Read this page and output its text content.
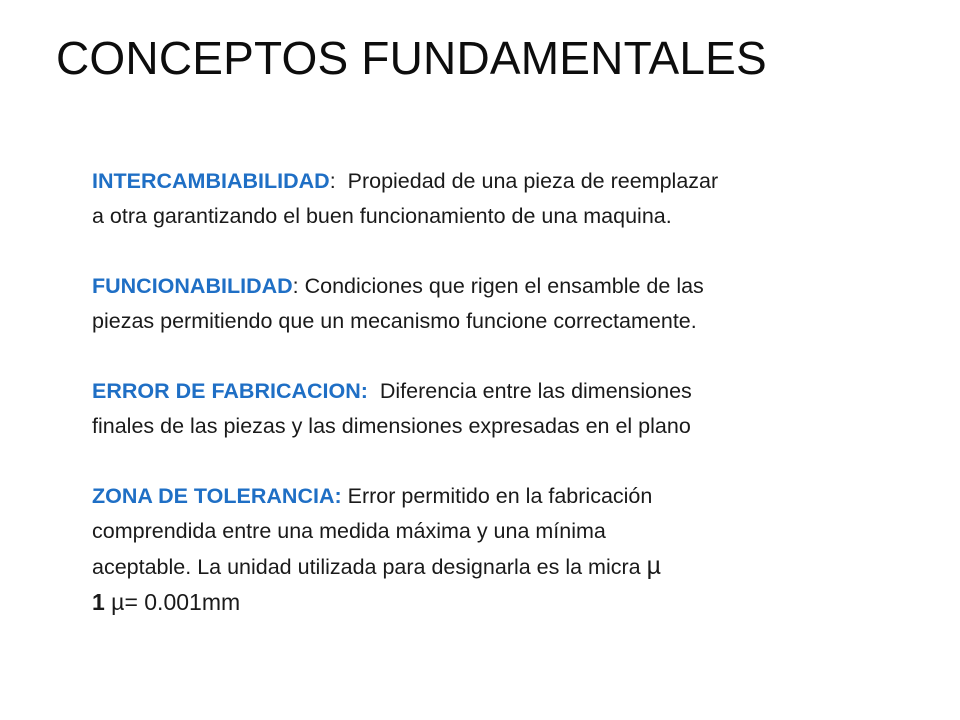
CONCEPTOS FUNDAMENTALES

INTERCAMBIABILIDAD:  Propiedad de una pieza de reemplazar
a otra garantizando el buen funcionamiento de una maquina.

FUNCIONABILIDAD: Condiciones que rigen el ensamble de las
piezas permitiendo que un mecanismo funcione correctamente.

ERROR DE FABRICACION: Diferencia entre las dimensiones
finales de las piezas y las dimensiones expresadas en el plano

ZONA DE TOLERANCIA: Error permitido en la fabricación
comprendida entre una medida máxima y una mínima
aceptable. La unidad utilizada para designarla es la micra µ
1 µ= 0.001mm
